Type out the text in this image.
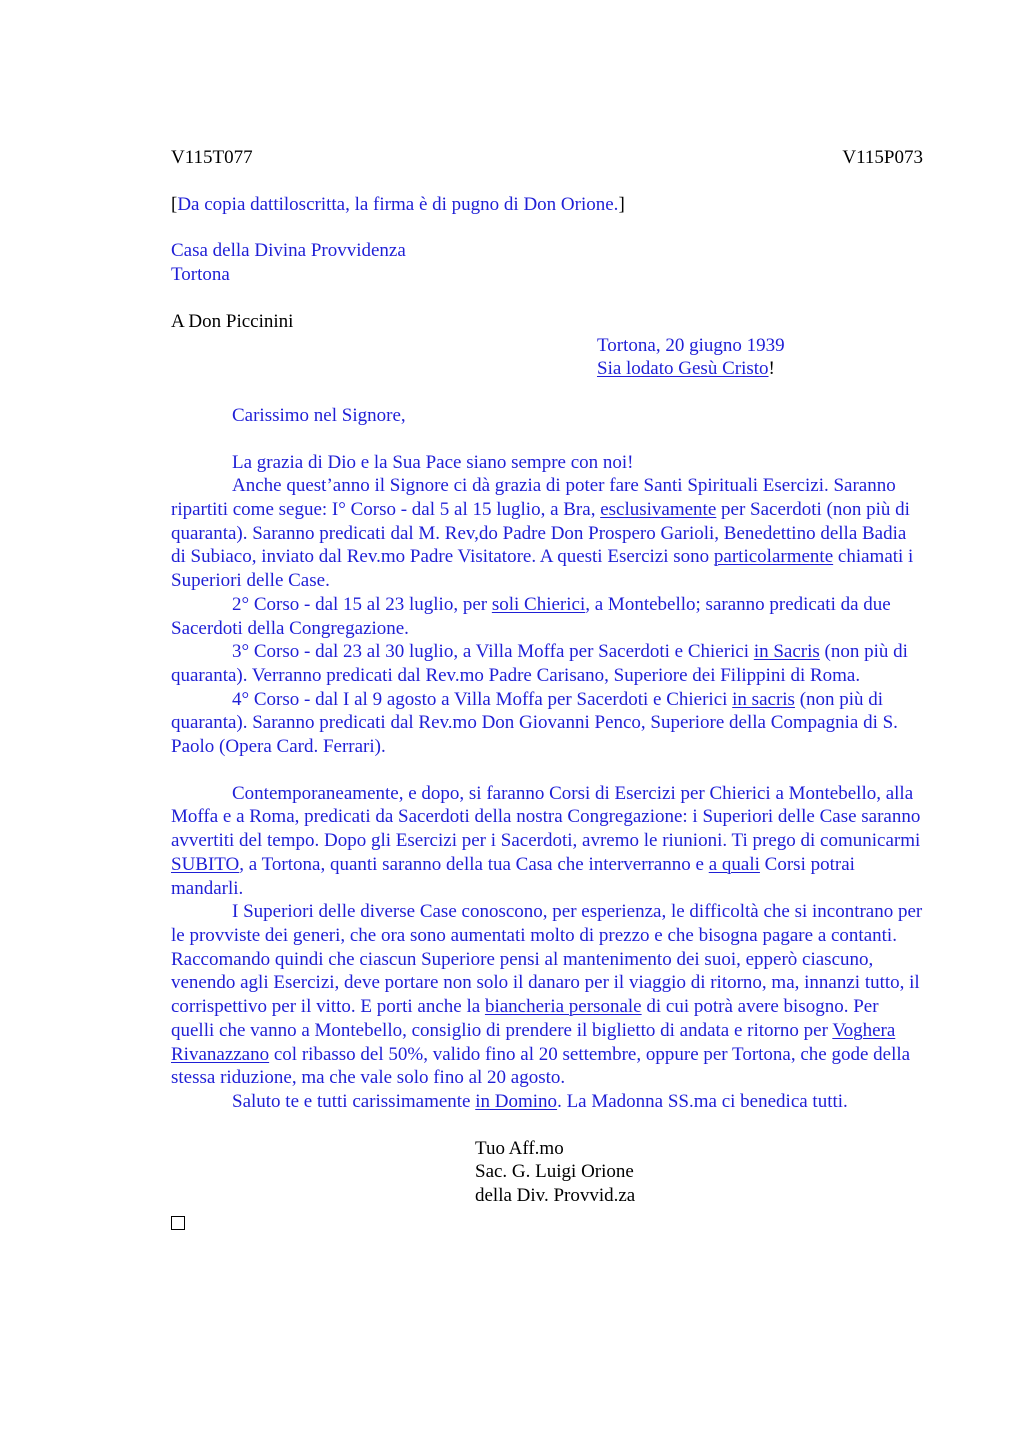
V115T077	V115P073

[Da copia dattiloscritta, la firma è di pugno di Don Orione.]

Casa della Divina Provvidenza

Tortona

A Don Piccinini

Tortona, 20 giugno 1939

Sia lodato Gesù Cristo!

Carissimo nel Signore,

La grazia di Dio e la Sua Pace siano sempre con noi!

Anche quest’anno il Signore ci dà grazia di poter fare Santi Spirituali Esercizi. Saranno ripartiti come segue: I° Corso - dal 5 al 15 luglio, a Bra, esclusivamente per Sacerdoti (non più di quaranta). Saranno predicati dal M. Rev,do Padre Don Prospero Garioli, Benedettino della Badia di Subiaco, inviato dal Rev.mo Padre Visitatore. A questi Esercizi sono particolarmente chiamati i Superiori delle Case.

2° Corso - dal 15 al 23 luglio, per soli Chierici, a Montebello; saranno predicati da due Sacerdoti della Congregazione.

3° Corso - dal 23 al 30 luglio, a Villa Moffa per Sacerdoti e Chierici in Sacris (non più di quaranta). Verranno predicati dal Rev.mo Padre Carisano, Superiore dei Filippini di Roma.

4° Corso - dal I al 9 agosto a Villa Moffa per Sacerdoti e Chierici in sacris (non più di quaranta). Saranno predicati dal Rev.mo Don Giovanni Penco, Superiore della Compagnia di S. Paolo (Opera Card. Ferrari).

Contemporaneamente, e dopo, si faranno Corsi di Esercizi per Chierici a Montebello, alla Moffa e a Roma, predicati da Sacerdoti della nostra Congregazione: i Superiori delle Case saranno avvertiti del tempo. Dopo gli Esercizi per i Sacerdoti, avremo le riunioni. Ti prego di comunicarmi SUBITO, a Tortona, quanti saranno della tua Casa che interverranno e a quali Corsi potrai mandarli.

I Superiori delle diverse Case conoscono, per esperienza, le difficoltà che si incontrano per le provviste dei generi, che ora sono aumentati molto di prezzo e che bisogna pagare a contanti. Raccomando quindi che ciascun Superiore pensi al mantenimento dei suoi, epperò ciascuno, venendo agli Esercizi, deve portare non solo il danaro per il viaggio di ritorno, ma, innanzi tutto, il corrispettivo per il vitto. E porti anche la biancheria personale di cui potrà avere bisogno. Per quelli che vanno a Montebello, consiglio di prendere il biglietto di andata e ritorno per Voghera Rivanazzano col ribasso del 50%, valido fino al 20 settembre, oppure per Tortona, che gode della stessa riduzione, ma che vale solo fino al 20 agosto.

Saluto te e tutti carissimamente in Domino. La Madonna SS.ma ci benedica tutti.

Tuo Aff.mo

Sac. G. Luigi Orione

della Div. Provvid.za
